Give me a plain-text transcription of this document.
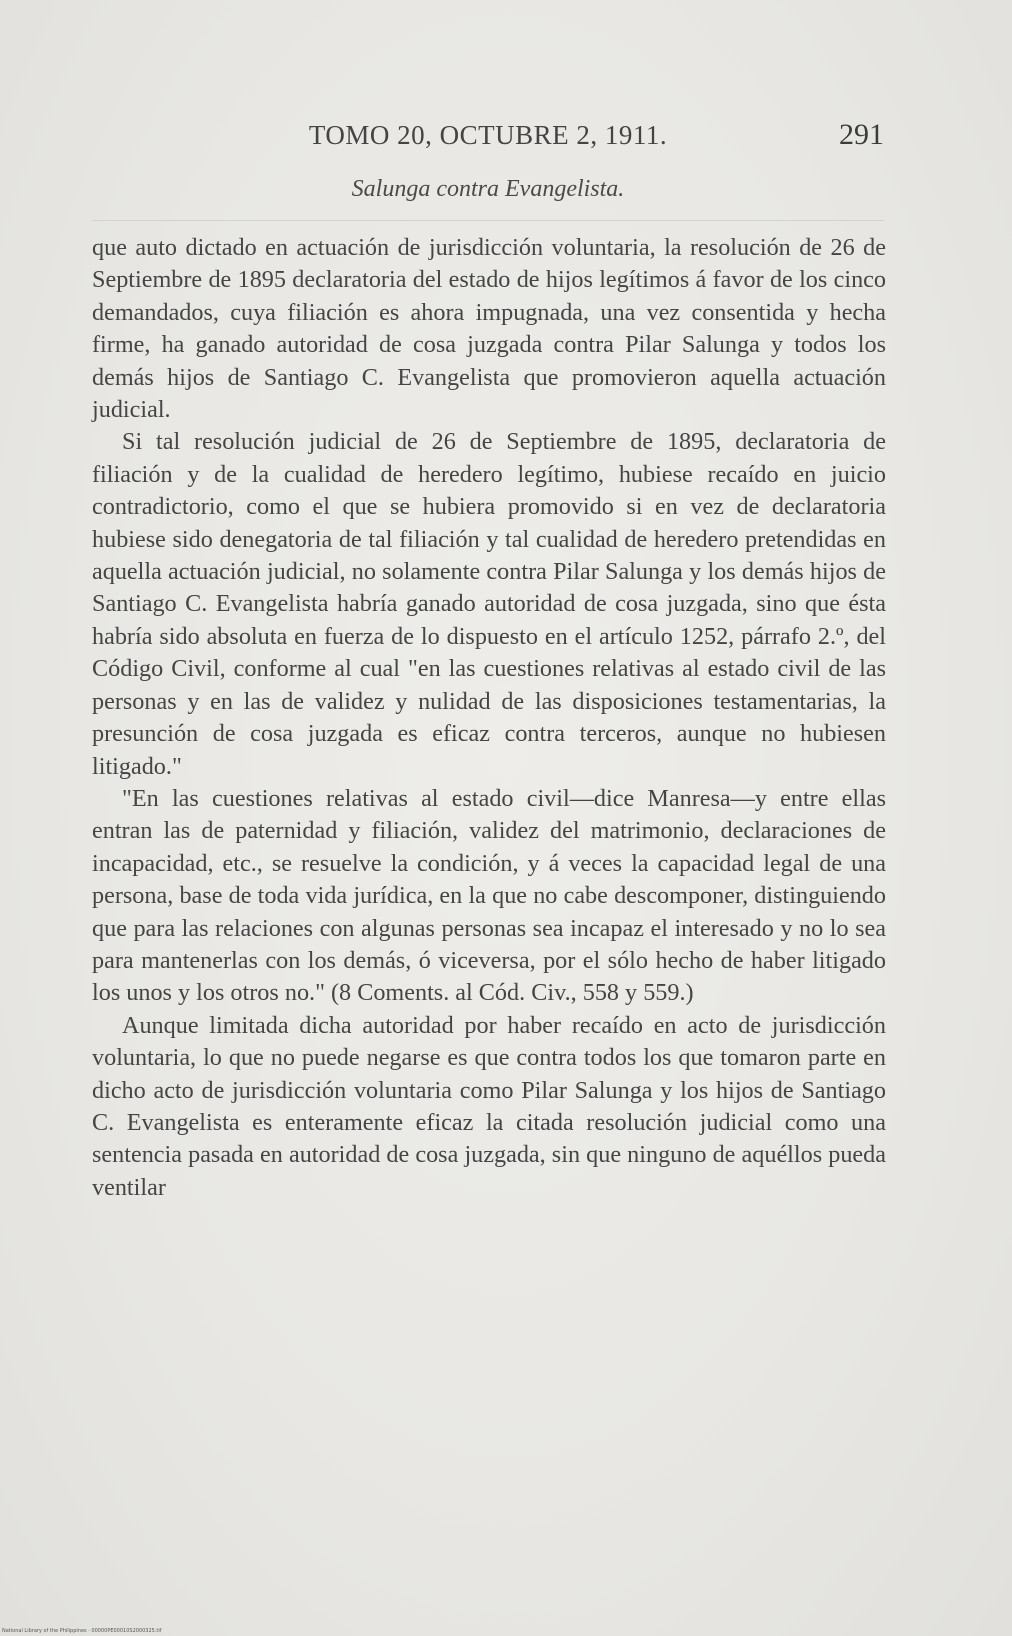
TOMO 20, OCTUBRE 2, 1911.	291
Salunga contra Evangelista.

que auto dictado en actuación de jurisdicción voluntaria, la resolución de 26 de Septiembre de 1895 declaratoria del estado de hijos legítimos á favor de los cinco demandados, cuya filiación es ahora impugnada, una vez consentida y hecha firme, ha ganado autoridad de cosa juzgada contra Pilar Salunga y todos los demás hijos de Santiago C. Evangelista que promovieron aquella actuación judicial.

Si tal resolución judicial de 26 de Septiembre de 1895, declaratoria de filiación y de la cualidad de heredero legítimo, hubiese recaído en juicio contradictorio, como el que se hubiera promovido si en vez de declaratoria hubiese sido denegatoria de tal filiación y tal cualidad de heredero pretendidas en aquella actuación judicial, no solamente contra Pilar Salunga y los demás hijos de Santiago C. Evangelista habría ganado autoridad de cosa juzgada, sino que ésta habría sido absoluta en fuerza de lo dispuesto en el artículo 1252, párrafo 2.º, del Código Civil, conforme al cual "en las cuestiones relativas al estado civil de las personas y en las de validez y nulidad de las disposiciones testamentarias, la presunción de cosa juzgada es eficaz contra terceros, aunque no hubiesen litigado."

"En las cuestiones relativas al estado civil—dice Manresa—y entre ellas entran las de paternidad y filiación, validez del matrimonio, declaraciones de incapacidad, etc., se resuelve la condición, y á veces la capacidad legal de una persona, base de toda vida jurídica, en la que no cabe descomponer, distinguiendo que para las relaciones con algunas personas sea incapaz el interesado y no lo sea para mantenerlas con los demás, ó viceversa, por el sólo hecho de haber litigado los unos y los otros no." (8 Coments. al Cód. Civ., 558 y 559.)

Aunque limitada dicha autoridad por haber recaído en acto de jurisdicción voluntaria, lo que no puede negarse es que contra todos los que tomaron parte en dicho acto de jurisdicción voluntaria como Pilar Salunga y los hijos de Santiago C. Evangelista es enteramente eficaz la citada resolución judicial como una sentencia pasada en autoridad de cosa juzgada, sin que ninguno de aquéllos pueda ventilar

National Library of the Philippines · 00000PE00010S2000325.tif
